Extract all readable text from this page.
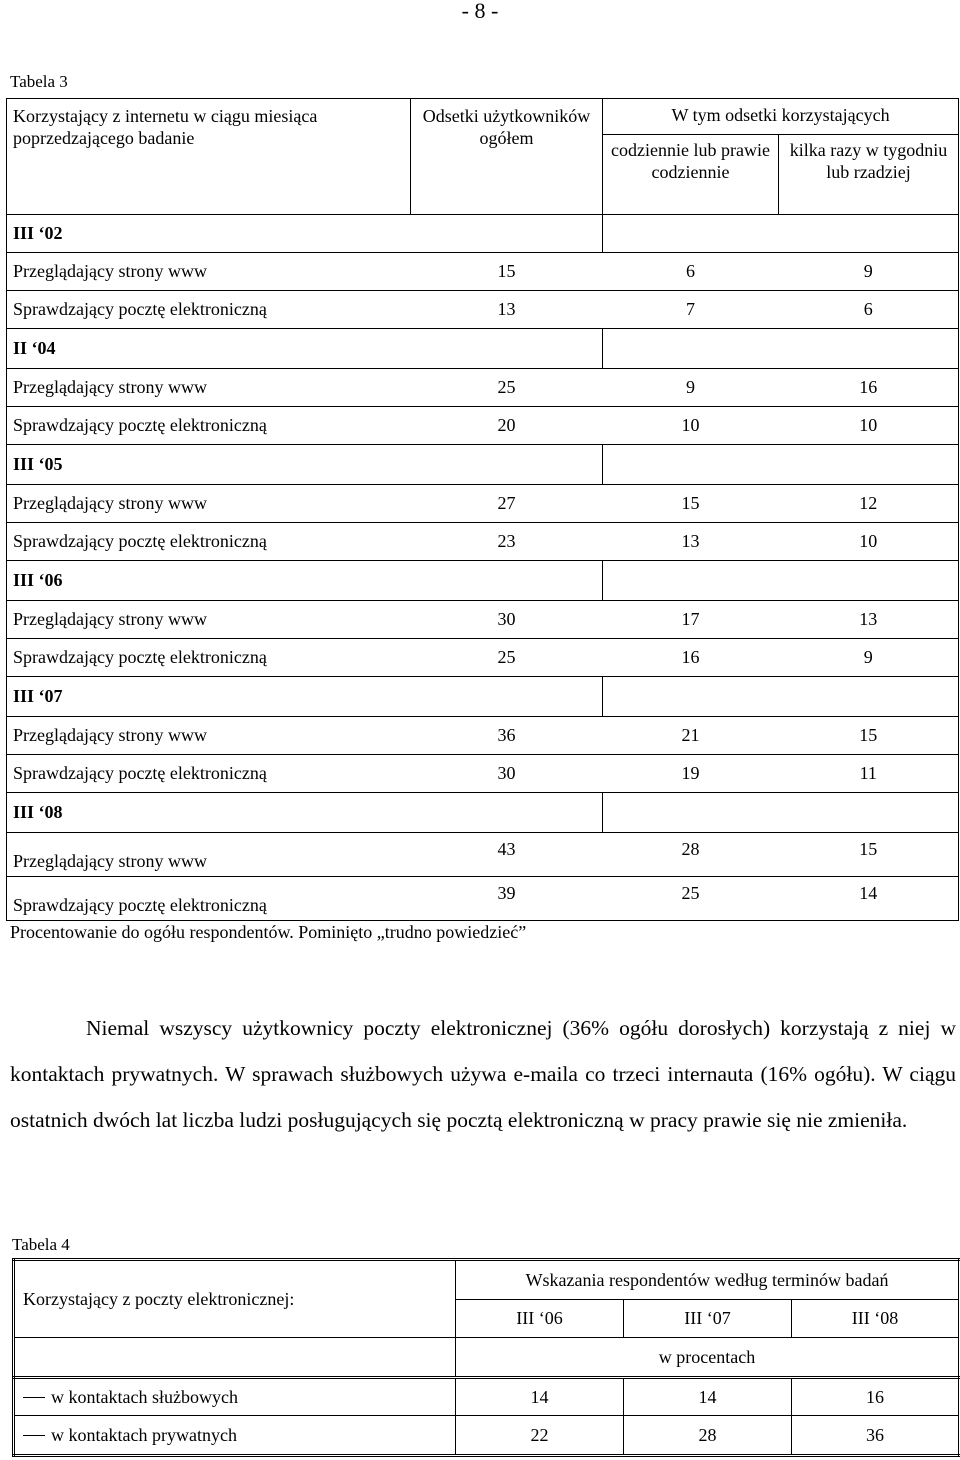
- 8 -
Tabela 3
Korzystający z internetu w ciągu miesiąca poprzedzającego badanie	Odsetki użytkowników ogółem	W tym odsetki korzystających	
		codziennie lub prawie codziennie	kilka razy w tygodniu lub rzadziej
III ‘02			
Przeglądający strony www	15	6	9
Sprawdzający pocztę elektroniczną	13	7	6
II ‘04			
Przeglądający strony www	25	9	16
Sprawdzający pocztę elektroniczną	20	10	10
III ‘05			
Przeglądający strony www	27	15	12
Sprawdzający pocztę elektroniczną	23	13	10
III ‘06			
Przeglądający strony www	30	17	13
Sprawdzający pocztę elektroniczną	25	16	9
III ‘07			
Przeglądający strony www	36	21	15
Sprawdzający pocztę elektroniczną	30	19	11
III ‘08			
Przeglądający strony www	43	28	15
Sprawdzający pocztę elektroniczną	39	25	14
Procentowanie do ogółu respondentów. Pominięto „trudno powiedzieć”
Niemal wszyscy użytkownicy poczty elektronicznej (36% ogółu dorosłych) korzystają z niej w kontaktach prywatnych. W sprawach służbowych używa e-maila co trzeci internauta (16% ogółu). W ciągu ostatnich dwóch lat liczba ludzi posługujących się pocztą elektroniczną w pracy prawie się nie zmieniła.
Tabela 4
Korzystający z poczty elektronicznej:	Wskazania respondentów według terminów badań		
	III ‘06	III ‘07	III ‘08
	w procentach		
w kontaktach służbowych	14	14	16
w kontaktach prywatnych	22	28	36
